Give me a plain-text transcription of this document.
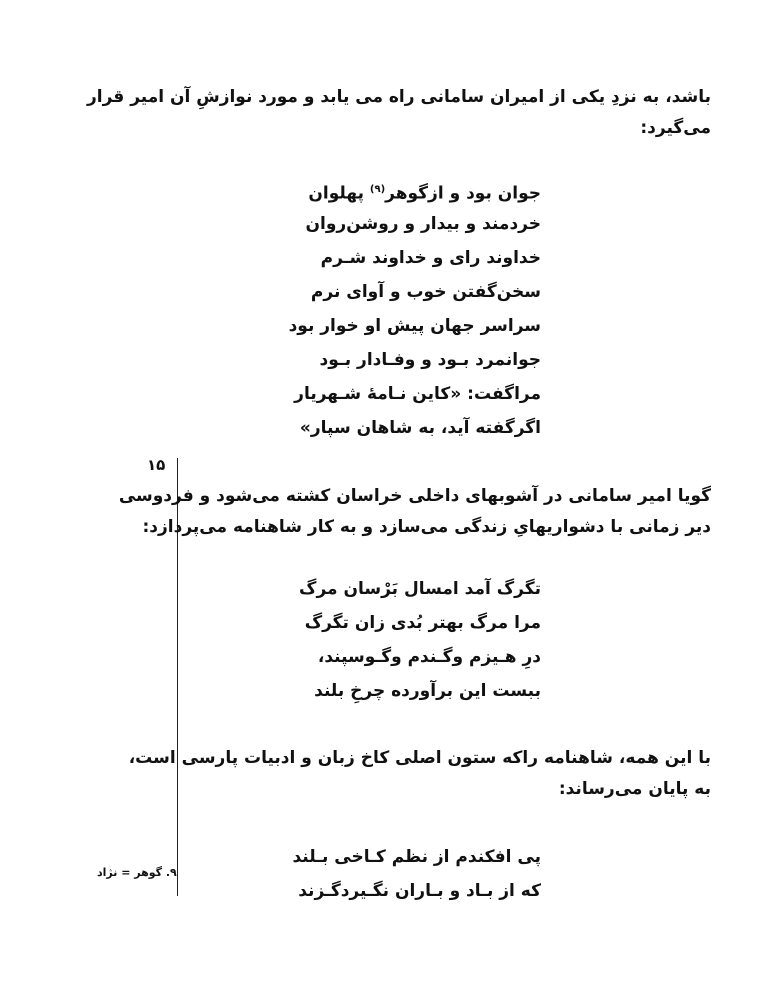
باشد، به نزدِ یکی از امیران سامانی راه می یابد و مورد نوازشِ آن امیر قرار
می‌گیرد:
جوان بود و ازگوهر$^{(۹)}$ پهلوان
خردمند و بیدار و روشن‌روان
خداوند رای و خداوند شـرم
سخن‌گفتن خوب و آوای نرم
سراسر جهان پیش او خوار بود
جوانمرد بـود و وفـادار بـود
مراگفت: «کاین نـامهٔ شـهریار
اگرگفته آید، به شاهان سپار»
۱۵
گویا امیر سامانی در آشوبهای داخلی خراسان کشته می‌شود و فردوسی
دیر زمانی با دشواریهایِ زندگی می‌سازد و به کار شاهنامه می‌پردازد:
تگرگ آمد امسال بَرْسان مرگ
مرا مرگ بهتر بُدی زان تگرگ
درِ هـیزم وگـندم وگـوسپند،
ببست این برآورده چرخِ بلند
با این همه، شاهنامه راکه ستون اصلی کاخ زبان و ادبیات پارسی است،
به پایان می‌رساند:
پی افکندم از نظم کـاخی بـلند
که از بـاد و بـاران نگـیرد‌گـزند
۹. گوهر = نژاد
